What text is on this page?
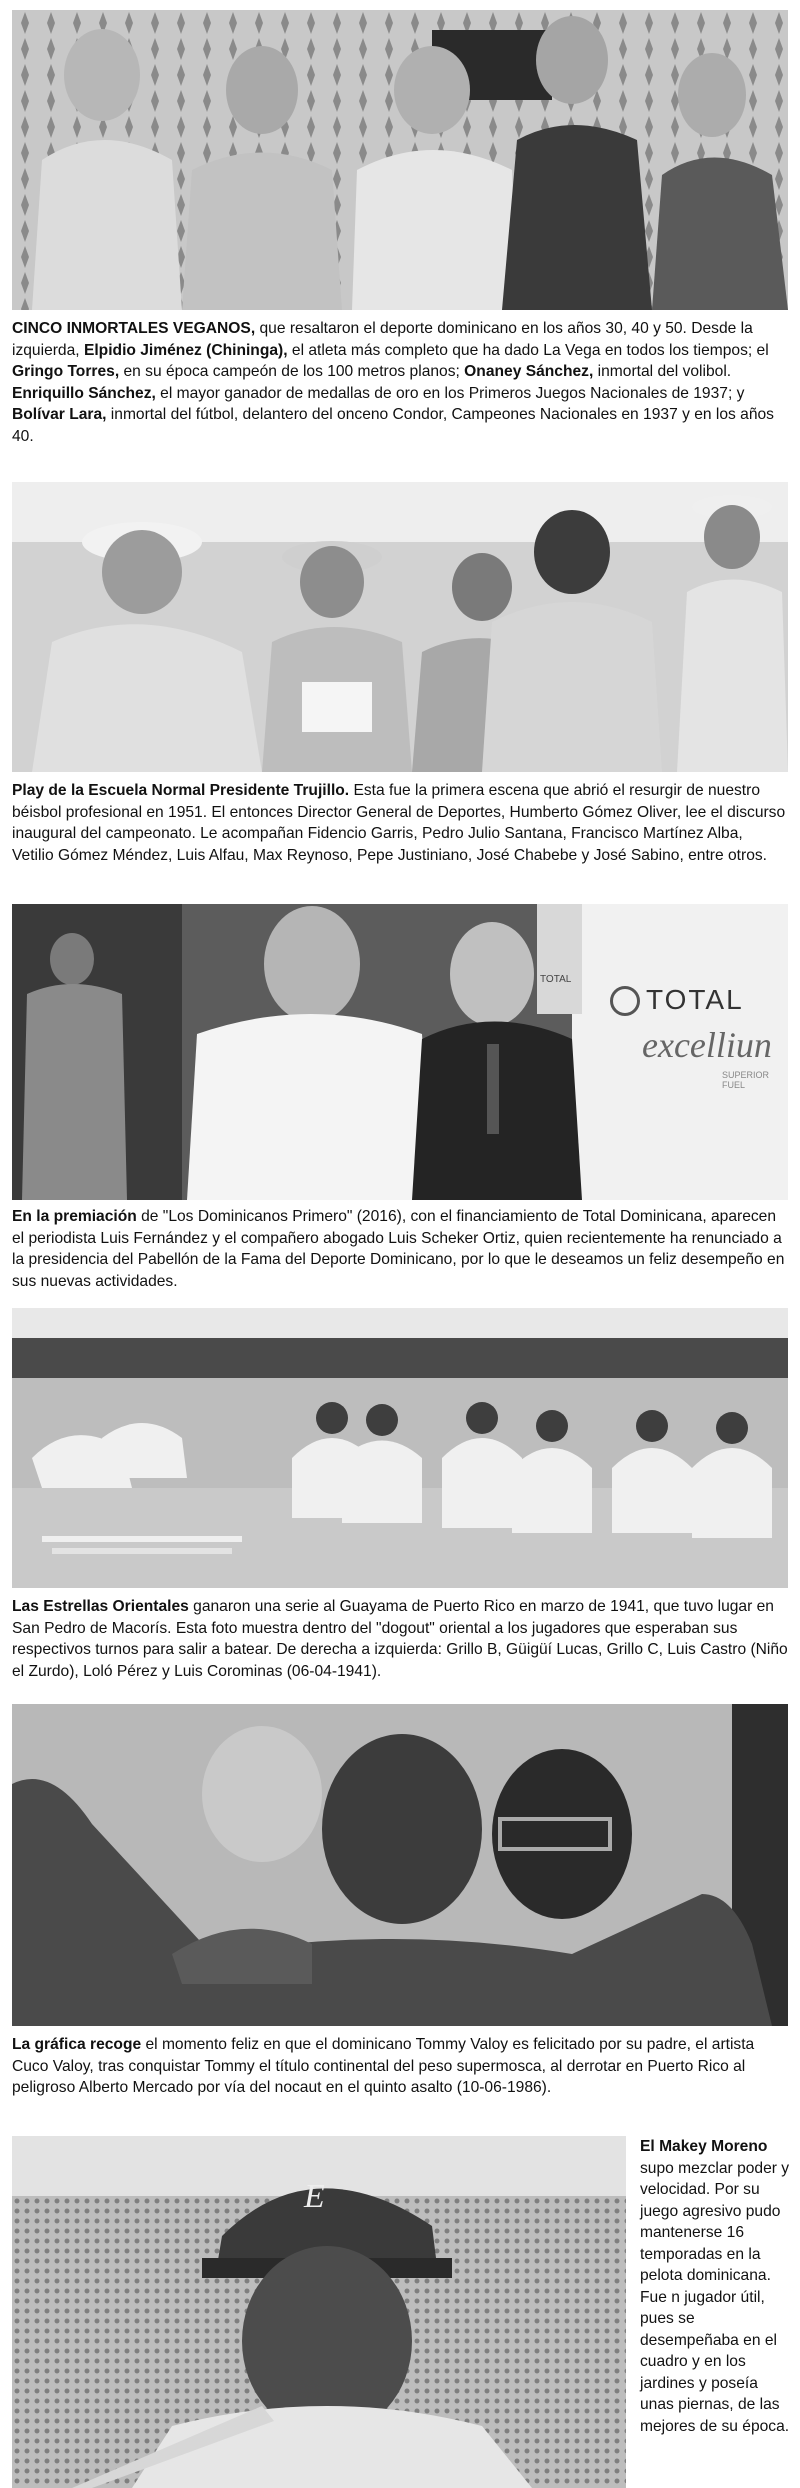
CINCO INMORTALES VEGANOS, que resaltaron el deporte dominicano en los años 30, 40 y 50. Desde la izquierda, Elpidio Jiménez (Chininga), el atleta más completo que ha dado La Vega en todos los tiempos; el Gringo Torres, en su época campeón de los 100 metros planos; Onaney Sánchez, inmortal del volibol. Enriquillo Sánchez, el mayor ganador de medallas de oro en los Primeros Juegos Nacionales de 1937; y Bolívar Lara, inmortal del fútbol, delantero del onceno Condor, Campeones Nacionales en 1937 y en los años 40.

Play de la Escuela Normal Presidente Trujillo. Esta fue la primera escena que abrió el resurgir de nuestro béisbol profesional en 1951. El entonces Director General de Deportes, Humberto Gómez Oliver, lee el discurso inaugural del campeonato. Le acompañan Fidencio Garris, Pedro Julio Santana, Francisco Martínez Alba, Vetilio Gómez Méndez, Luis Alfau, Max Reynoso, Pepe Justiniano, José Chabebe y José Sabino, entre otros.

TOTAL
excelliun
SUPERIOR FUEL
TOTAL

En la premiación de "Los Dominicanos Primero" (2016), con el financiamiento de Total Dominicana, aparecen el periodista Luis Fernández y el compañero abogado Luis Scheker Ortiz, quien recientemente ha renunciado a la presidencia del Pabellón de la Fama del Deporte Dominicano, por lo que le deseamos un feliz desempeño en sus nuevas actividades.

Las Estrellas Orientales ganaron una serie al Guayama de Puerto Rico en marzo de 1941, que tuvo lugar en San Pedro de Macorís. Esta foto muestra dentro del "dogout" oriental a los jugadores que esperaban sus respectivos turnos para salir a batear. De derecha a izquierda: Grillo B, Güigüí Lucas, Grillo C, Luis Castro (Niño el Zurdo), Loló Pérez y Luis Corominas (06-04-1941).

La gráfica recoge el momento feliz en que el dominicano Tommy Valoy es felicitado por su padre, el artista Cuco Valoy, tras conquistar Tommy el título continental del peso supermosca, al derrotar en Puerto Rico al peligroso Alberto Mercado por vía del nocaut en el quinto asalto (10-06-1986).

E

El Makey Moreno supo mezclar poder y velocidad. Por su juego agresivo pudo mantenerse 16 temporadas en la pelota dominicana. Fue n jugador útil, pues se desempeñaba en el cuadro y en los jardines y poseía unas piernas, de las mejores de su época.
